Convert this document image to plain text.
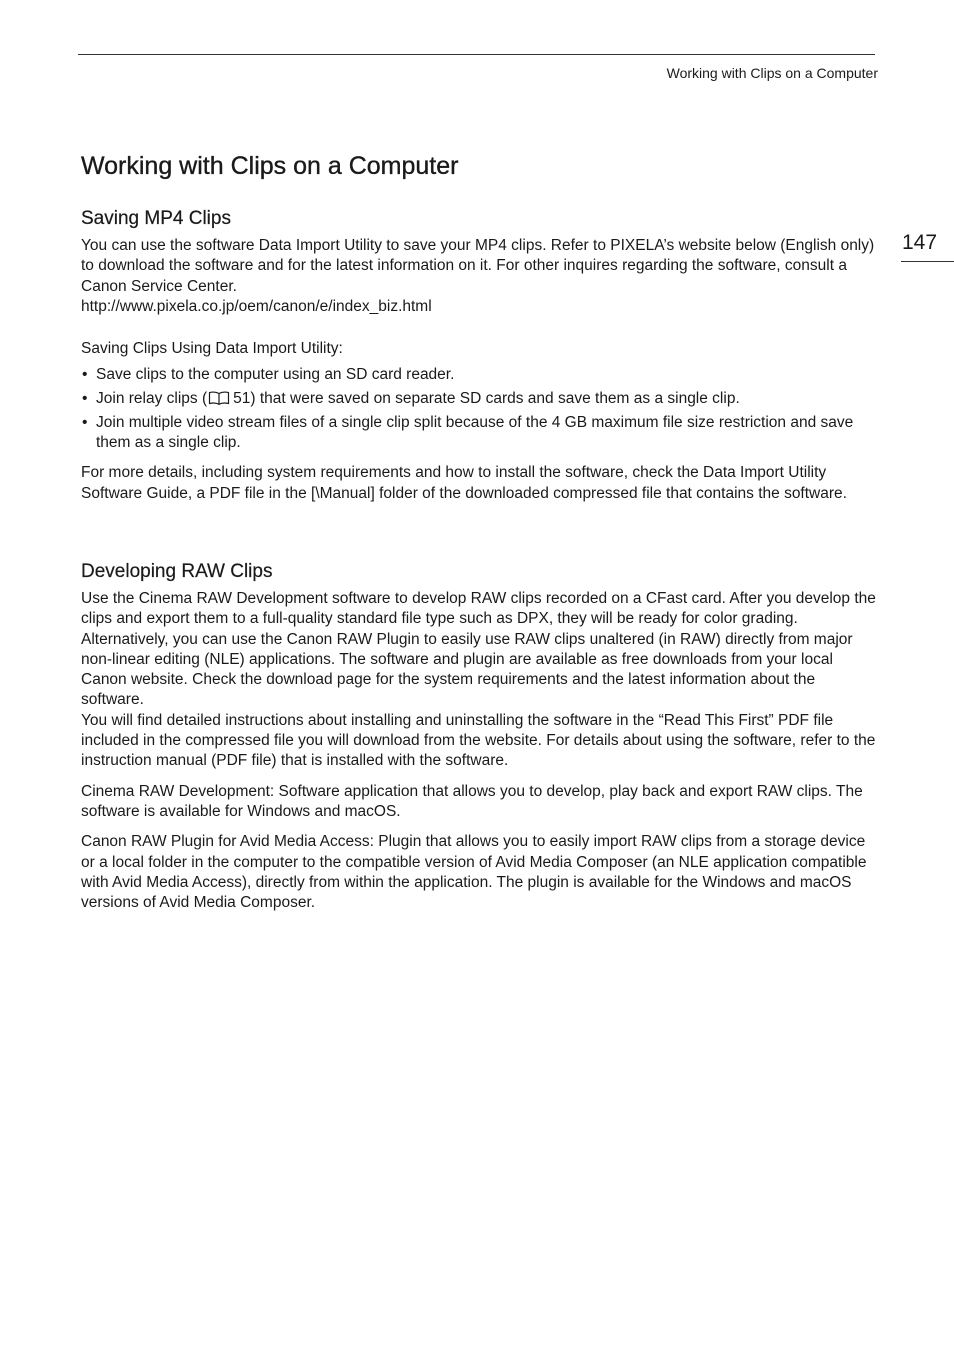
Working with Clips on a Computer
147
Working with Clips on a Computer
Saving MP4 Clips

You can use the software Data Import Utility to save your MP4 clips. Refer to PIXELA’s website below (English only) to download the software and for the latest information on it. For other inquires regarding the software, consult a Canon Service Center.

http://www.pixela.co.jp/oem/canon/e/index_biz.html

Saving Clips Using Data Import Utility:
• Save clips to the computer using an SD card reader.
• Join relay clips ( 51) that were saved on separate SD cards and save them as a single clip.
• Join multiple video stream files of a single clip split because of the 4 GB maximum file size restriction and save them as a single clip.

For more details, including system requirements and how to install the software, check the Data Import Utility Software Guide, a PDF file in the [\Manual] folder of the downloaded compressed file that contains the software.

Developing RAW Clips

Use the Cinema RAW Development software to develop RAW clips recorded on a CFast card. After you develop the clips and export them to a full-quality standard file type such as DPX, they will be ready for color grading. Alternatively, you can use the Canon RAW Plugin to easily use RAW clips unaltered (in RAW) directly from major non-linear editing (NLE) applications. The software and plugin are available as free downloads from your local Canon website. Check the download page for the system requirements and the latest information about the software.

You will find detailed instructions about installing and uninstalling the software in the “Read This First” PDF file included in the compressed file you will download from the website. For details about using the software, refer to the instruction manual (PDF file) that is installed with the software.

Cinema RAW Development: Software application that allows you to develop, play back and export RAW clips. The software is available for Windows and macOS.

Canon RAW Plugin for Avid Media Access: Plugin that allows you to easily import RAW clips from a storage device or a local folder in the computer to the compatible version of Avid Media Composer (an NLE application compatible with Avid Media Access), directly from within the application. The plugin is available for the Windows and macOS versions of Avid Media Composer.
